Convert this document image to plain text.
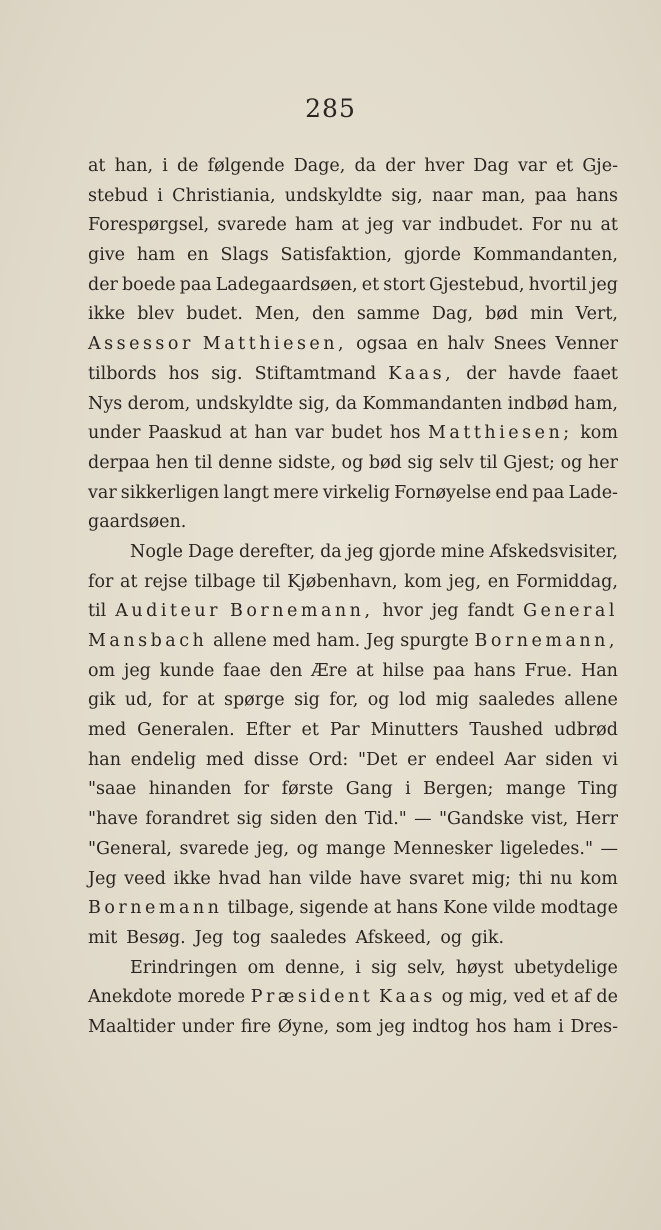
285
at han, i de følgende Dage, da der hver Dag var et Gje-
stebud i Christiania, undskyldte sig, naar man, paa hans
Forespørgsel, svarede ham at jeg var indbudet. For nu at
give ham en Slags Satisfaktion, gjorde Kommandanten,
der boede paa Ladegaardsøen, et stort Gjestebud, hvortil jeg
ikke blev budet. Men, den samme Dag, bød min Vert,
Assessor Matthiesen, ogsaa en halv Snees Venner
tilbords hos sig. Stiftamtmand Kaas, der havde faaet
Nys derom, undskyldte sig, da Kommandanten indbød ham,
under Paaskud at han var budet hos Matthiesen; kom
derpaa hen til denne sidste, og bød sig selv til Gjest; og her
var sikkerligen langt mere virkelig Fornøyelse end paa Lade-
gaardsøen.
Nogle Dage derefter, da jeg gjorde mine Afskedsvisiter,
for at rejse tilbage til Kjøbenhavn, kom jeg, en Formiddag,
til Auditeur Bornemann, hvor jeg fandt General
Mansbach allene med ham. Jeg spurgte Bornemann,
om jeg kunde faae den Ære at hilse paa hans Frue. Han
gik ud, for at spørge sig for, og lod mig saaledes allene
med Generalen. Efter et Par Minutters Taushed udbrød
han endelig med disse Ord: "Det er endeel Aar siden vi
"saae hinanden for første Gang i Bergen; mange Ting
"have forandret sig siden den Tid." — "Gandske vist, Herr
"General, svarede jeg, og mange Mennesker ligeledes." —
Jeg veed ikke hvad han vilde have svaret mig; thi nu kom
Bornemann tilbage, sigende at hans Kone vilde modtage
mit Besøg. Jeg tog saaledes Afskeed, og gik.
Erindringen om denne, i sig selv, høyst ubetydelige
Anekdote morede Præsident Kaas og mig, ved et af de
Maaltider under fire Øyne, som jeg indtog hos ham i Dres-
